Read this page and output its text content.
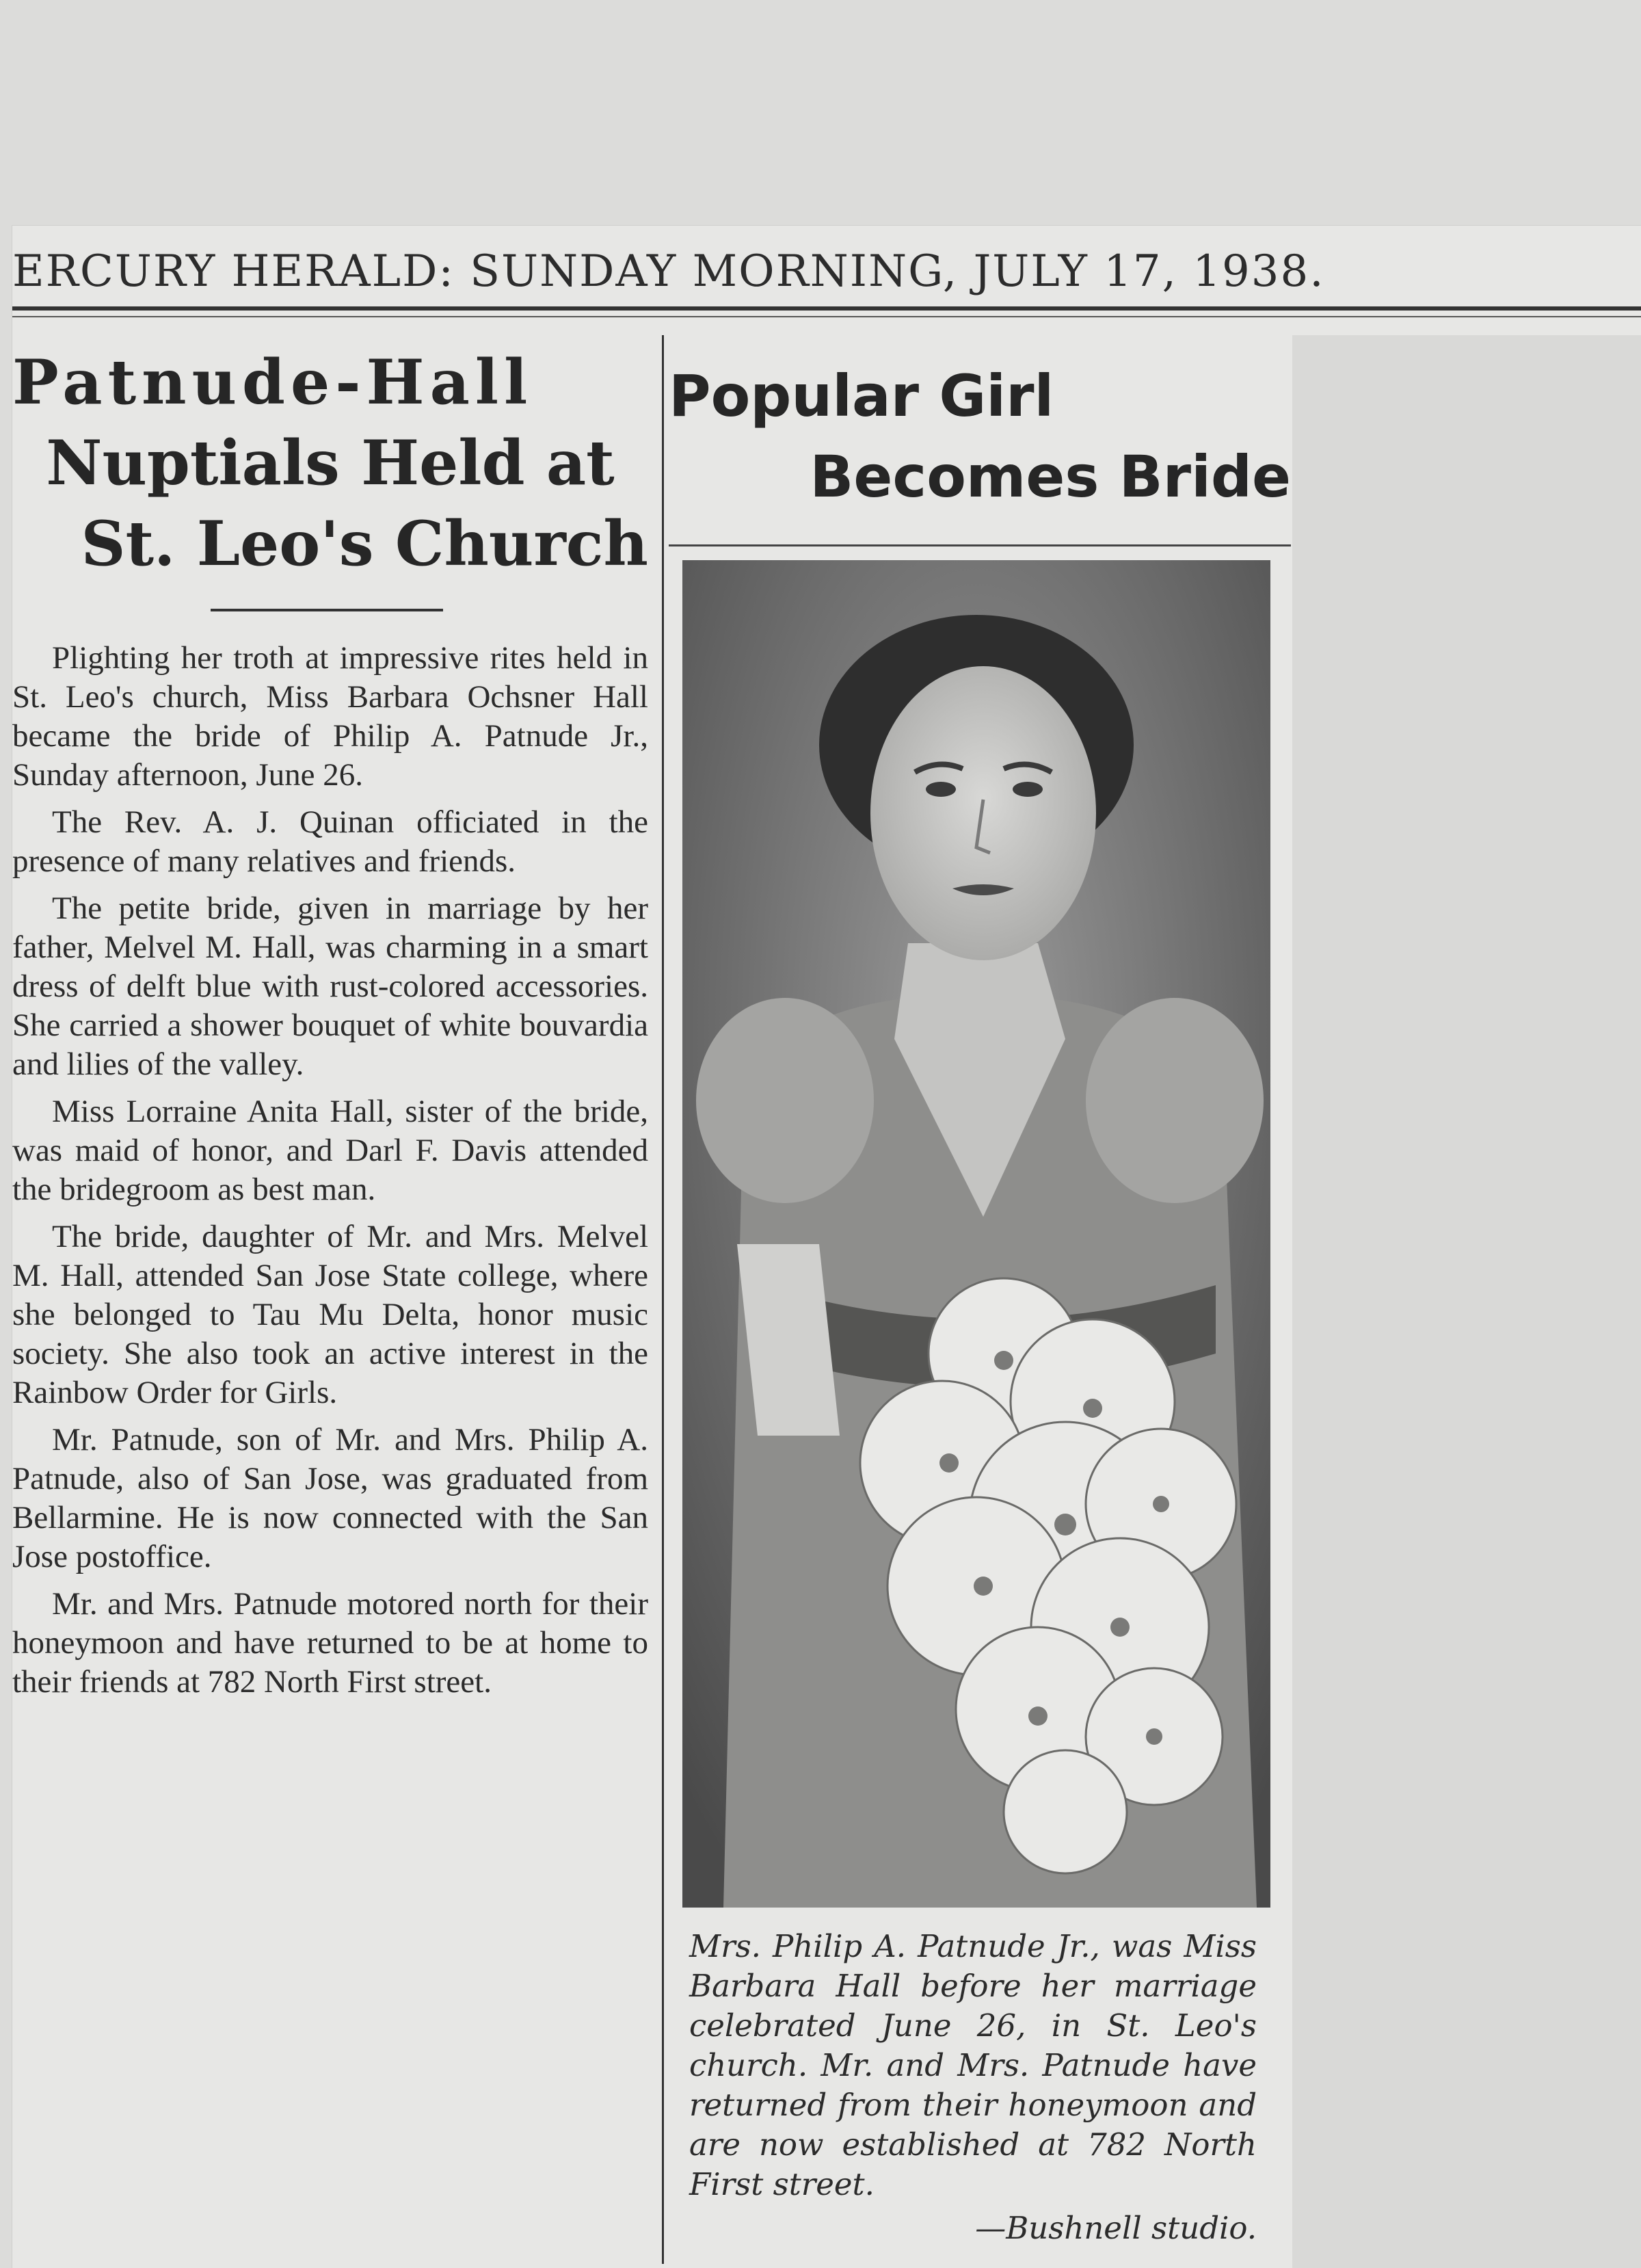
ERCURY HERALD: SUNDAY MORNING, JULY 17, 1938.
Patnude-Hall
Nuptials Held at
St. Leo's Church

Plighting her troth at impressive rites held in St. Leo's church, Miss Barbara Ochsner Hall became the bride of Philip A. Patnude Jr., Sunday afternoon, June 26.

The Rev. A. J. Quinan officiated in the presence of many relatives and friends.

The petite bride, given in marriage by her father, Melvel M. Hall, was charming in a smart dress of delft blue with rust-colored accessories. She carried a shower bouquet of white bouvardia and lilies of the valley.

Miss Lorraine Anita Hall, sister of the bride, was maid of honor, and Darl F. Davis attended the bridegroom as best man.

The bride, daughter of Mr. and Mrs. Melvel M. Hall, attended San Jose State college, where she belonged to Tau Mu Delta, honor music society. She also took an active interest in the Rainbow Order for Girls.

Mr. Patnude, son of Mr. and Mrs. Philip A. Patnude, also of San Jose, was graduated from Bellarmine. He is now connected with the San Jose postoffice.

Mr. and Mrs. Patnude motored north for their honeymoon and have returned to be at home to their friends at 782 North First street.

Popular Girl
Becomes Bride

Mrs. Philip A. Patnude Jr., was Miss Barbara Hall before her marriage celebrated June 26, in St. Leo's church. Mr. and Mrs. Patnude have returned from their honeymoon and are now established at 782 North First street.

—Bushnell studio.
